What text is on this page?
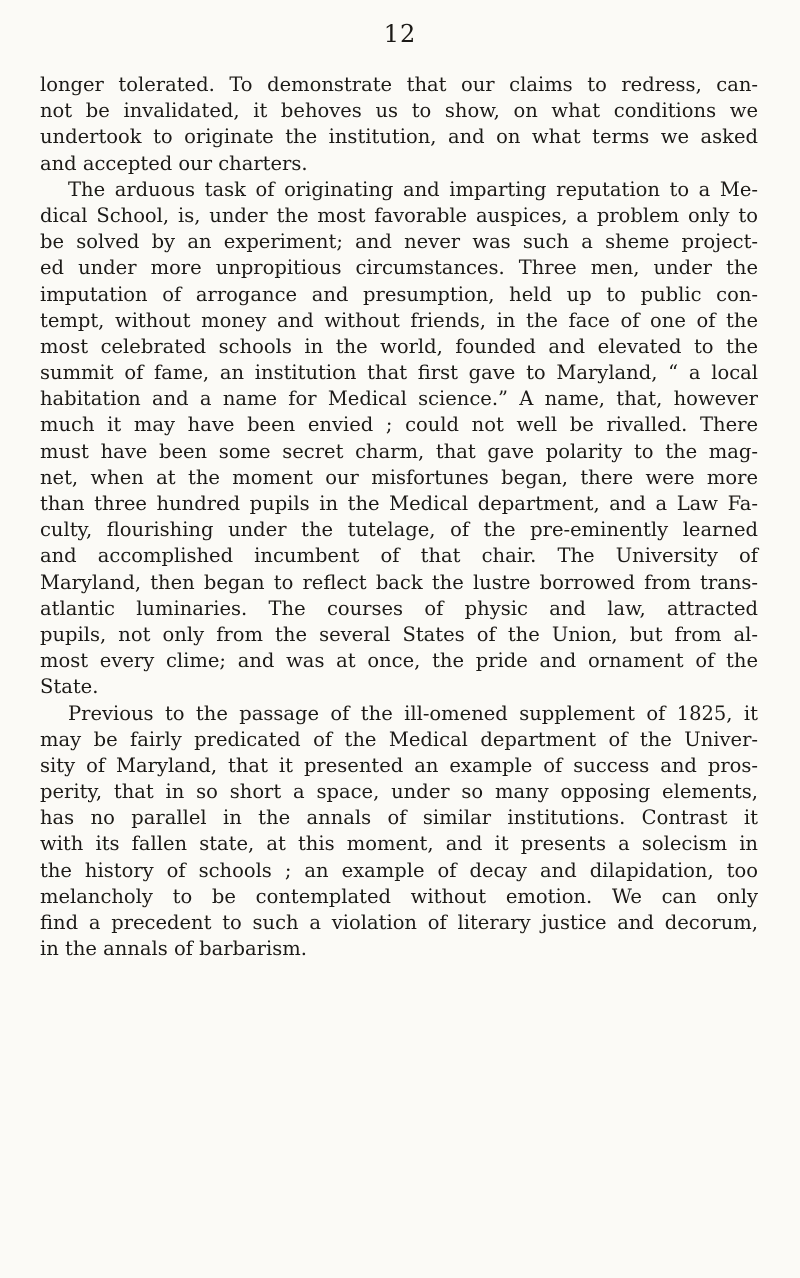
12
longer tolerated. To demonstrate that our claims to redress, can-
not be invalidated, it behoves us to show, on what conditions we
undertook to originate the institution, and on what terms we asked
and accepted our charters.
The arduous task of originating and imparting reputation to a Me-
dical School, is, under the most favorable auspices, a problem only to
be solved by an experiment; and never was such a sheme project-
ed under more unpropitious circumstances. Three men, under the
imputation of arrogance and presumption, held up to public con-
tempt, without money and without friends, in the face of one of the
most celebrated schools in the world, founded and elevated to the
summit of fame, an institution that first gave to Maryland, “ a local
habitation and a name for Medical science.” A name, that, however
much it may have been envied ; could not well be rivalled. There
must have been some secret charm, that gave polarity to the mag-
net, when at the moment our misfortunes began, there were more
than three hundred pupils in the Medical department, and a Law Fa-
culty, flourishing under the tutelage, of the pre-eminently learned
and accomplished incumbent of that chair. The University of
Maryland, then began to reflect back the lustre borrowed from trans-
atlantic luminaries. The courses of physic and law, attracted
pupils, not only from the several States of the Union, but from al-
most every clime; and was at once, the pride and ornament of the
State.
Previous to the passage of the ill-omened supplement of 1825, it
may be fairly predicated of the Medical department of the Univer-
sity of Maryland, that it presented an example of success and pros-
perity, that in so short a space, under so many opposing elements,
has no parallel in the annals of similar institutions. Contrast it
with its fallen state, at this moment, and it presents a solecism in
the history of schools ; an example of decay and dilapidation, too
melancholy to be contemplated without emotion. We can only
find a precedent to such a violation of literary justice and decorum,
in the annals of barbarism.
